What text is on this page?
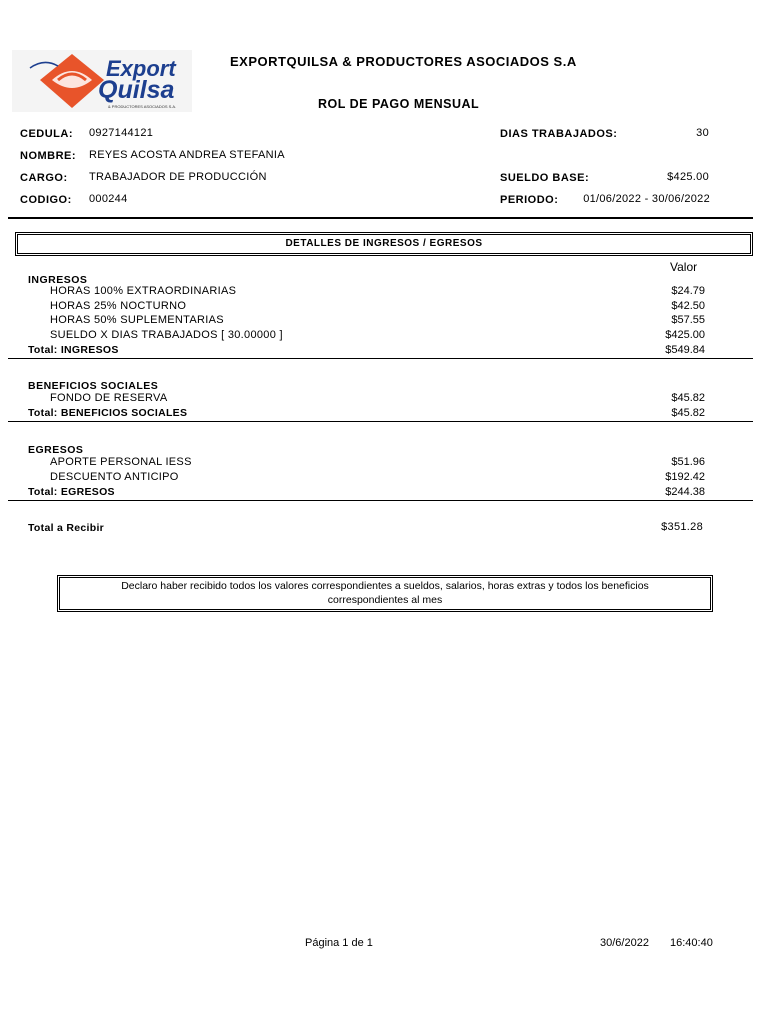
Export
Quilsa
& PRODUCTORES ASOCIADOS S.A.
EXPORTQUILSA & PRODUCTORES ASOCIADOS S.A
ROL DE PAGO MENSUAL
CEDULA: 0927144121
NOMBRE: REYES ACOSTA ANDREA STEFANIA
CARGO: TRABAJADOR DE PRODUCCIÓN
CODIGO: 000244
DIAS TRABAJADOS:	30
SUELDO BASE:	$425.00
PERIODO:	01/06/2022 - 30/06/2022
DETALLES DE INGRESOS / EGRESOS
Valor
INGRESOS
HORAS 100% EXTRAORDINARIAS	$24.79
HORAS 25% NOCTURNO	$42.50
HORAS 50% SUPLEMENTARIAS	$57.55
SUELDO X DIAS TRABAJADOS [ 30.00000 ]	$425.00
Total: INGRESOS	$549.84
BENEFICIOS SOCIALES
FONDO DE RESERVA	$45.82
Total: BENEFICIOS SOCIALES	$45.82
EGRESOS
APORTE PERSONAL IESS	$51.96
DESCUENTO ANTICIPO	$192.42
Total: EGRESOS	$244.38
Total a Recibir	$351.28
Declaro haber recibido todos los valores correspondientes a sueldos, salarios, horas extras y todos los beneficios correspondientes al mes
Página 1 de 1	30/6/2022 16:40:40
